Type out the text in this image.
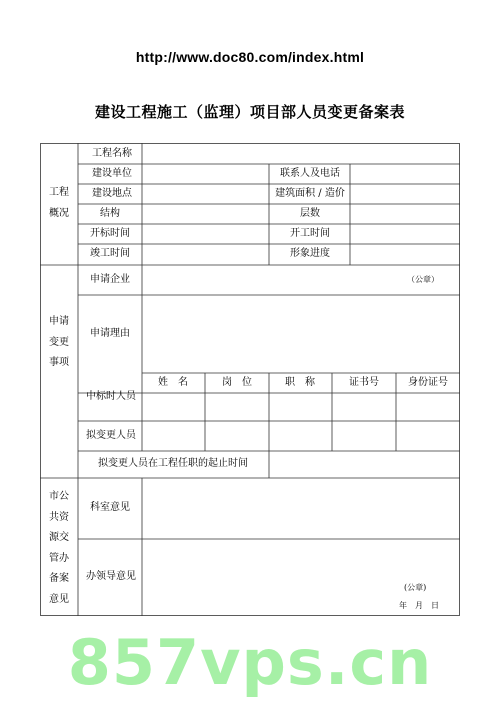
http://www.doc80.com/index.html
建设工程施工（监理）项目部人员变更备案表
工程概况
工程名称
建设单位	联系人及电话
建设地点	建筑面积 / 造价
结构	层数
开标时间	开工时间
竣工时间	形象进度
申请变更事项
申请企业	（公章）
申请理由
姓　名	岗　位	职　称	证书号	身份证号
中标时人员
拟变更人员
拟变更人员在工程任职的起止时间
市公共资源交管办备案意见
科室意见
办领导意见
(公章)
年　月　日
857vps.cn
